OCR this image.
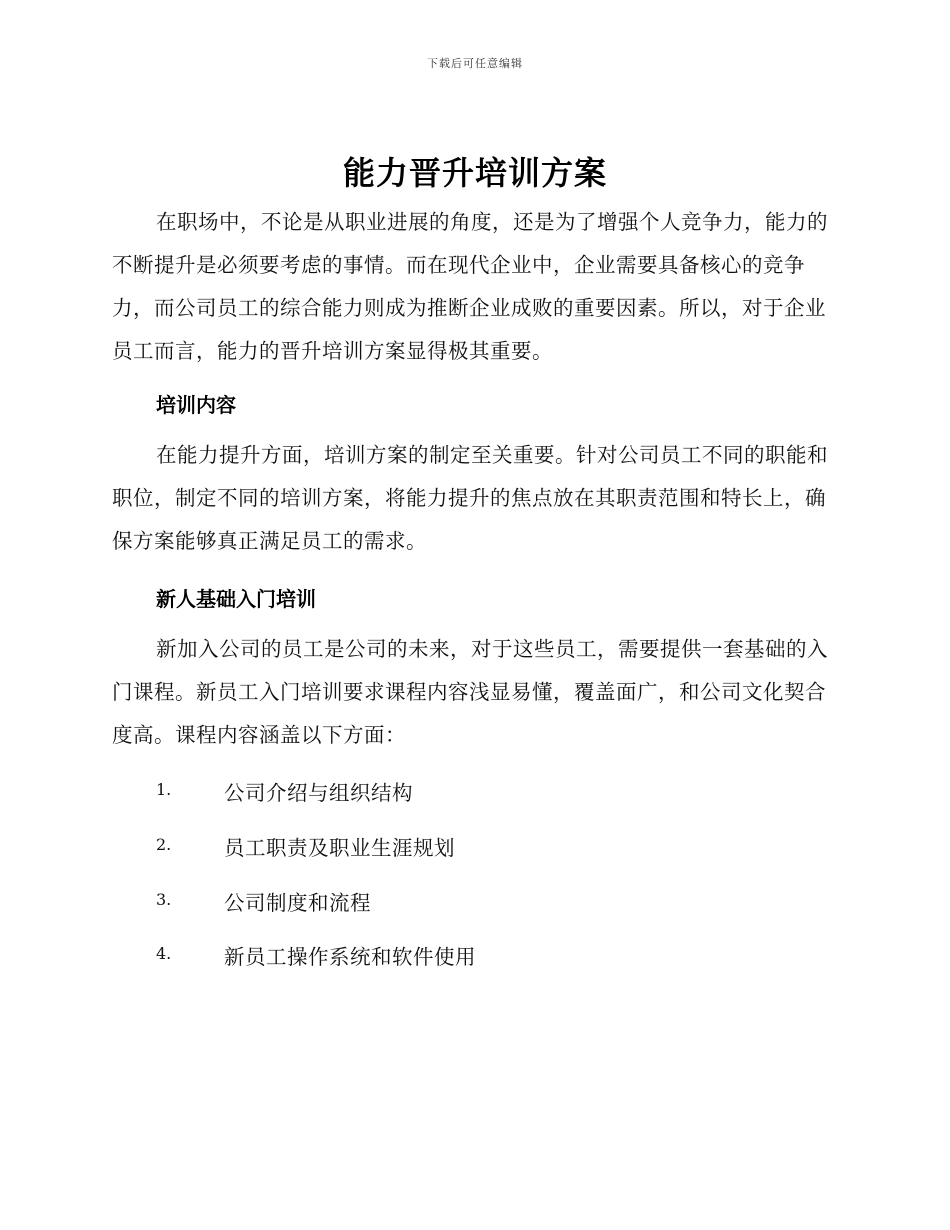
下载后可任意编辑
能力晋升培训方案

在职场中，不论是从职业进展的角度，还是为了增强个人竞争力，能力的不断提升是必须要考虑的事情。而在现代企业中，企业需要具备核心的竞争力，而公司员工的综合能力则成为推断企业成败的重要因素。所以，对于企业员工而言，能力的晋升培训方案显得极其重要。

培训内容

在能力提升方面，培训方案的制定至关重要。针对公司员工不同的职能和职位，制定不同的培训方案，将能力提升的焦点放在其职责范围和特长上，确保方案能够真正满足员工的需求。

新人基础入门培训

新加入公司的员工是公司的未来，对于这些员工，需要提供一套基础的入门课程。新员工入门培训要求课程内容浅显易懂，覆盖面广，和公司文化契合度高。课程内容涵盖以下方面：

1.	公司介绍与组织结构
2.	员工职责及职业生涯规划
3.	公司制度和流程
4.	新员工操作系统和软件使用
